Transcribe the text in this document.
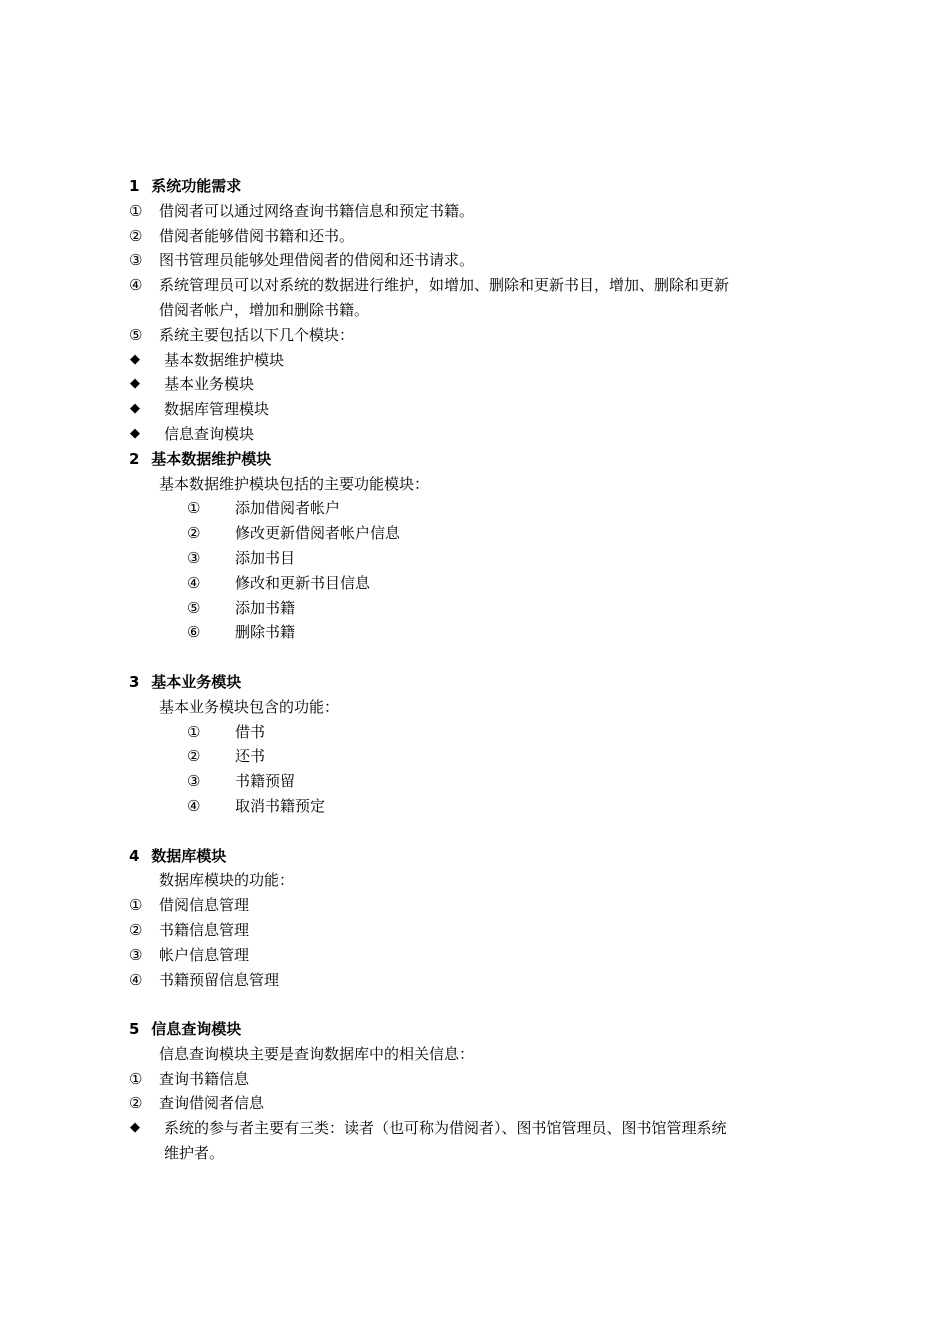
1 系统功能需求
①	借阅者可以通过网络查询书籍信息和预定书籍。
②	借阅者能够借阅书籍和还书。
③	图书管理员能够处理借阅者的借阅和还书请求。
④	系统管理员可以对系统的数据进行维护，如增加、删除和更新书目，增加、删除和更新
借阅者帐户，增加和删除书籍。
⑤	系统主要包括以下几个模块：
◆	基本数据维护模块
◆	基本业务模块
◆	数据库管理模块
◆	信息查询模块
2 基本数据维护模块
基本数据维护模块包括的主要功能模块：
①	添加借阅者帐户
②	修改更新借阅者帐户信息
③	添加书目
④	修改和更新书目信息
⑤	添加书籍
⑥	删除书籍
3 基本业务模块
基本业务模块包含的功能：
①	借书
②	还书
③	书籍预留
④	取消书籍预定
4 数据库模块
数据库模块的功能：
①	借阅信息管理
②	书籍信息管理
③	帐户信息管理
④	书籍预留信息管理
5 信息查询模块
信息查询模块主要是查询数据库中的相关信息：
①	查询书籍信息
②	查询借阅者信息
◆	系统的参与者主要有三类：读者（也可称为借阅者）、图书馆管理员、图书馆管理系统
维护者。
